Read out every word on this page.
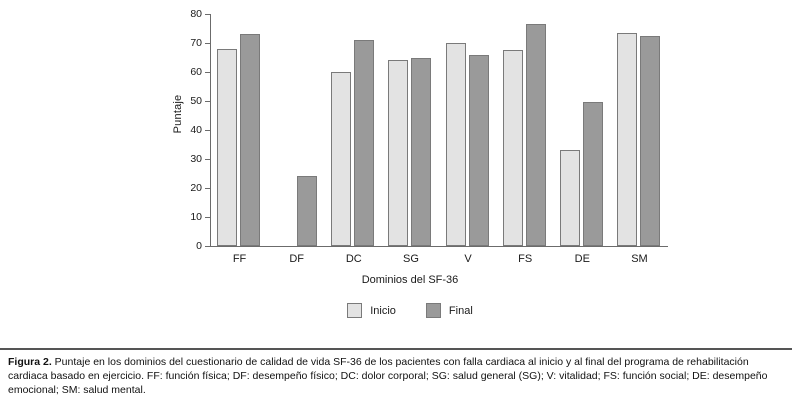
Puntaje
0
10
20
30
40
50
60
70
80
FF	DF	DC	SG	V	FS	DE	SM
Dominios del SF-36
Inicio	Final
Figura 2. Puntaje en los dominios del cuestionario de calidad de vida SF-36 de los pacientes con falla cardiaca al inicio y al final del programa de rehabilitación cardiaca basado en ejercicio. FF: función física; DF: desempeño físico; DC: dolor corporal; SG: salud general (SG); V: vitalidad; FS: función social; DE: desempeño emocional; SM: salud mental.
